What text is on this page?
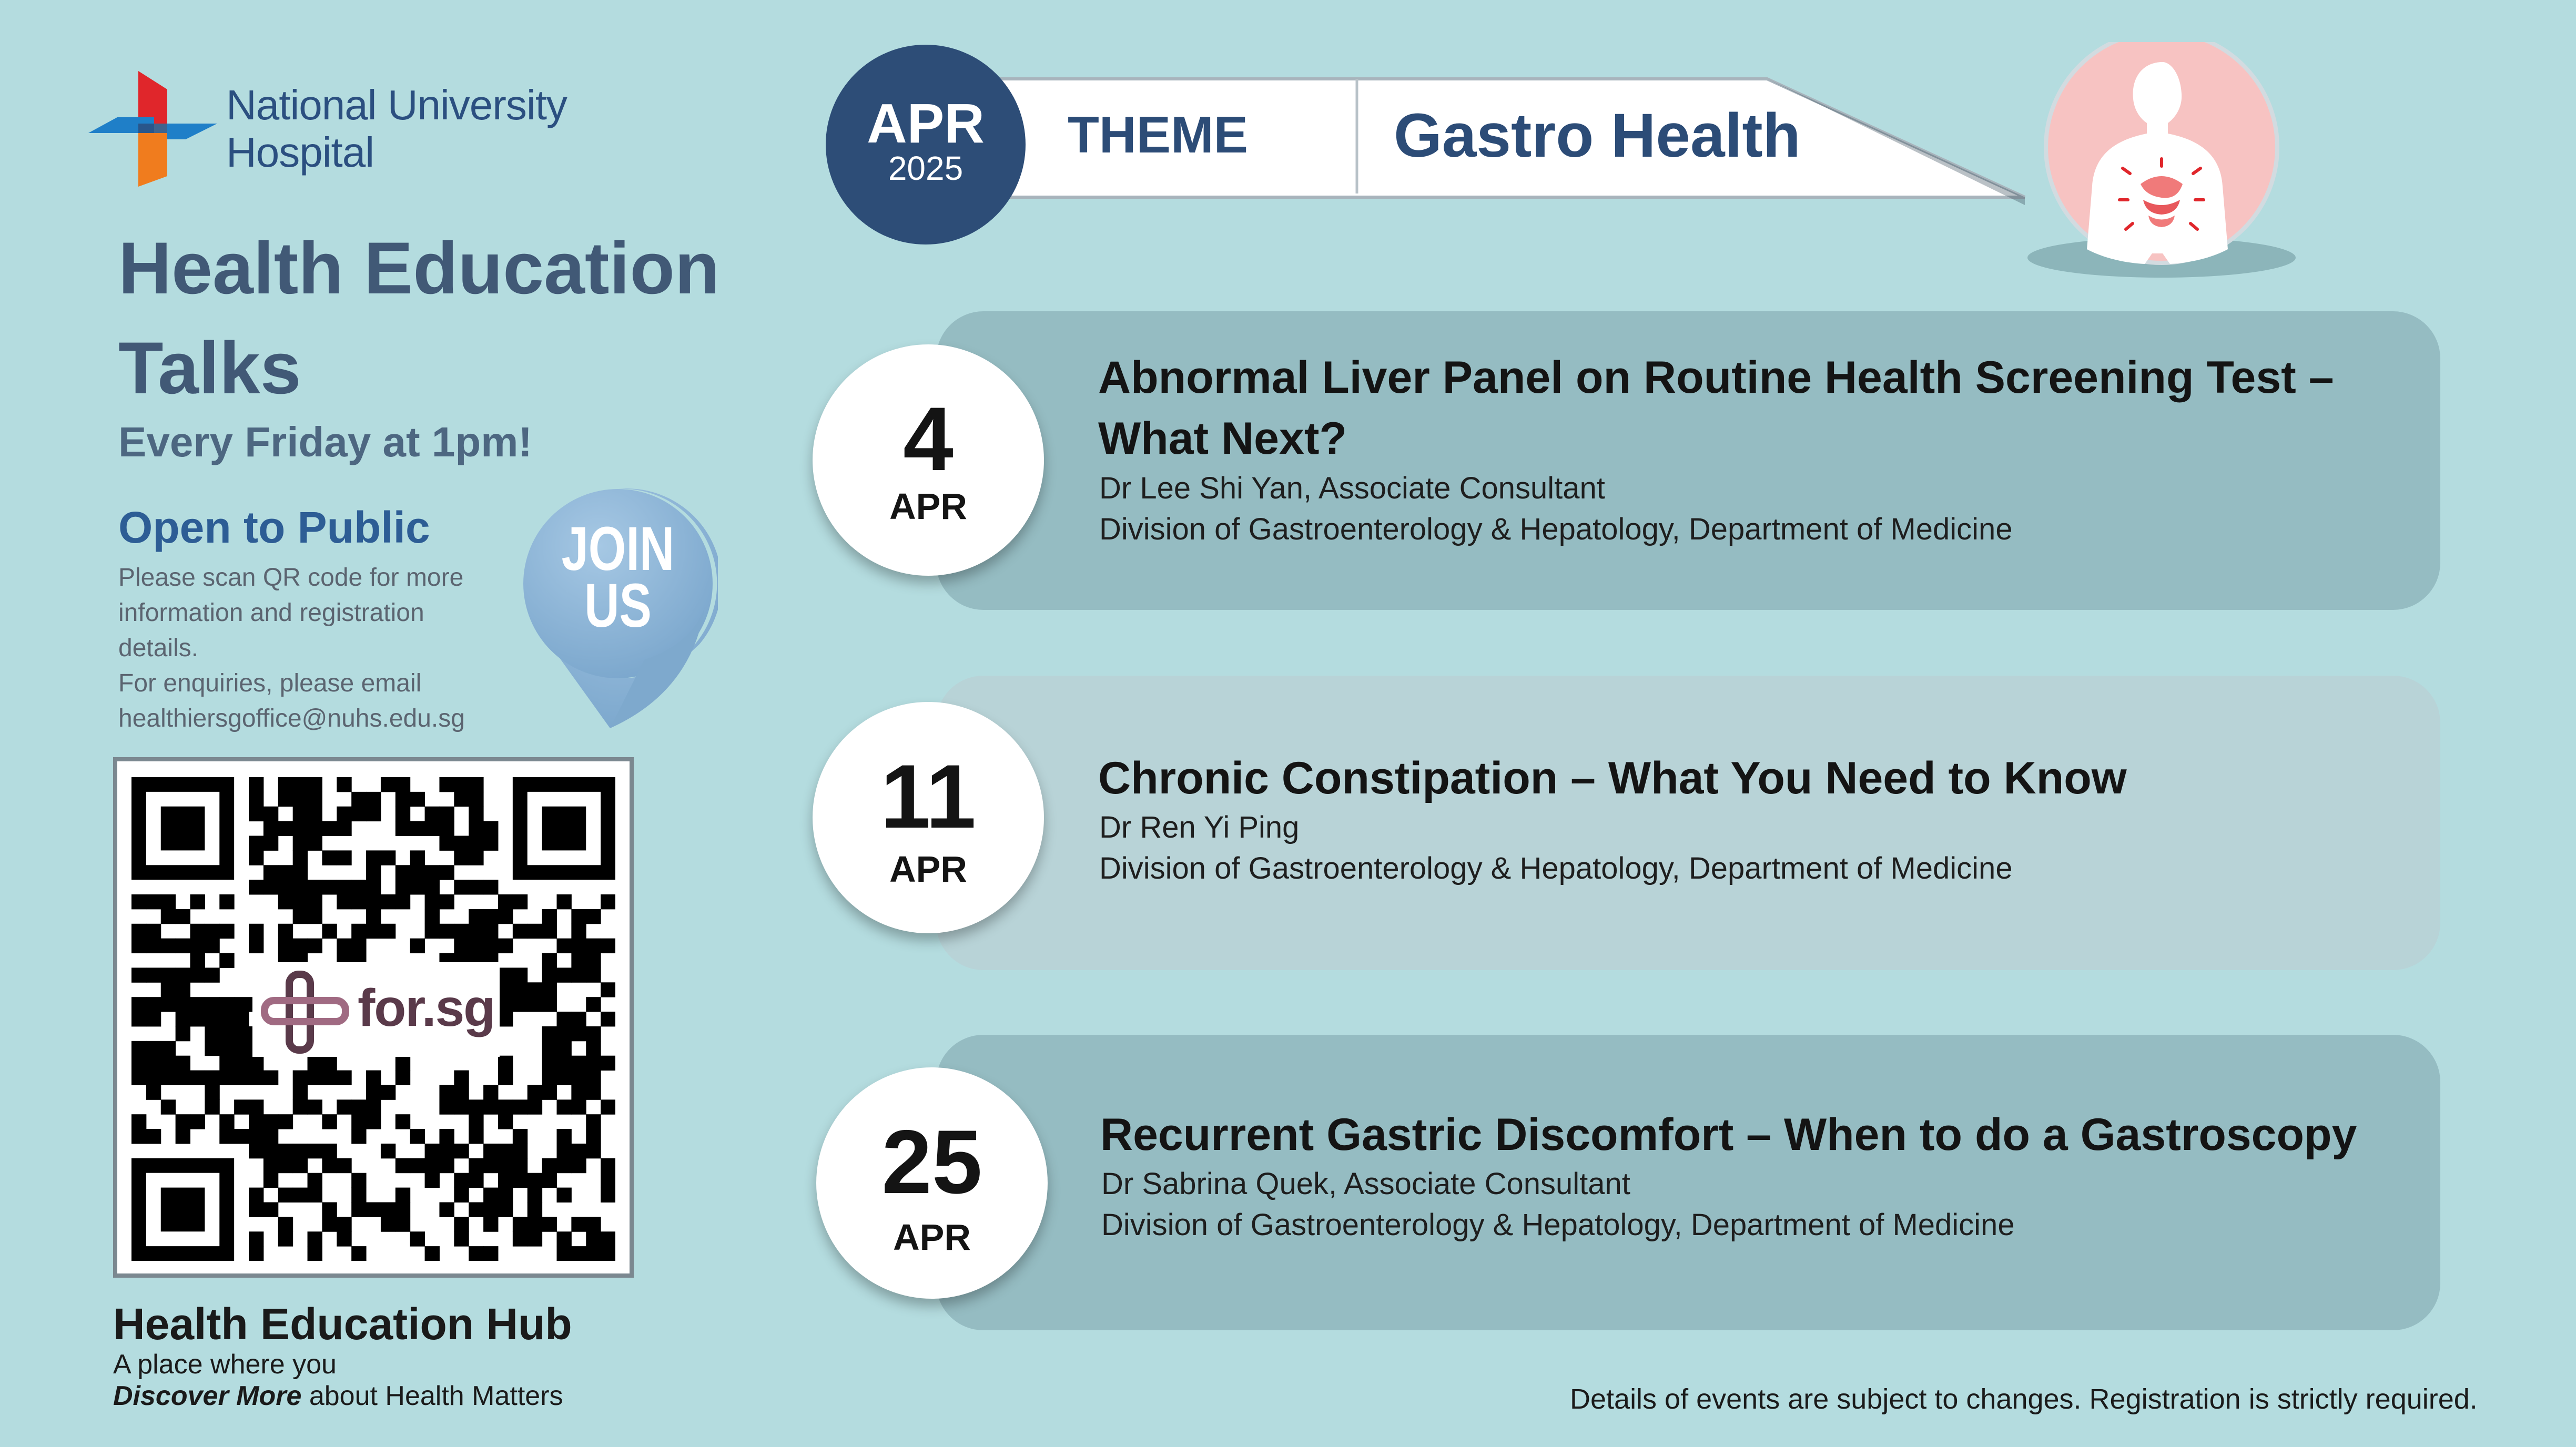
National University
Hospital
Health Education
Talks
Every Friday at 1pm!
Open to Public
Please scan QR code for more
information and registration
details.
For enquiries, please email
healthiersgoffice@nuhs.edu.sg
JOIN
US
for.sg
Health Education Hub
A place where you
Discover More about Health Matters
APR
2025
THEME Gastro Health
4
APR
Abnormal Liver Panel on Routine Health Screening Test –
What Next?
Dr Lee Shi Yan, Associate Consultant
Division of Gastroenterology & Hepatology, Department of Medicine
11
APR
Chronic Constipation – What You Need to Know
Dr Ren Yi Ping
Division of Gastroenterology & Hepatology, Department of Medicine
25
APR
Recurrent Gastric Discomfort – When to do a Gastroscopy
Dr Sabrina Quek, Associate Consultant
Division of Gastroenterology & Hepatology, Department of Medicine
Details of events are subject to changes. Registration is strictly required.
